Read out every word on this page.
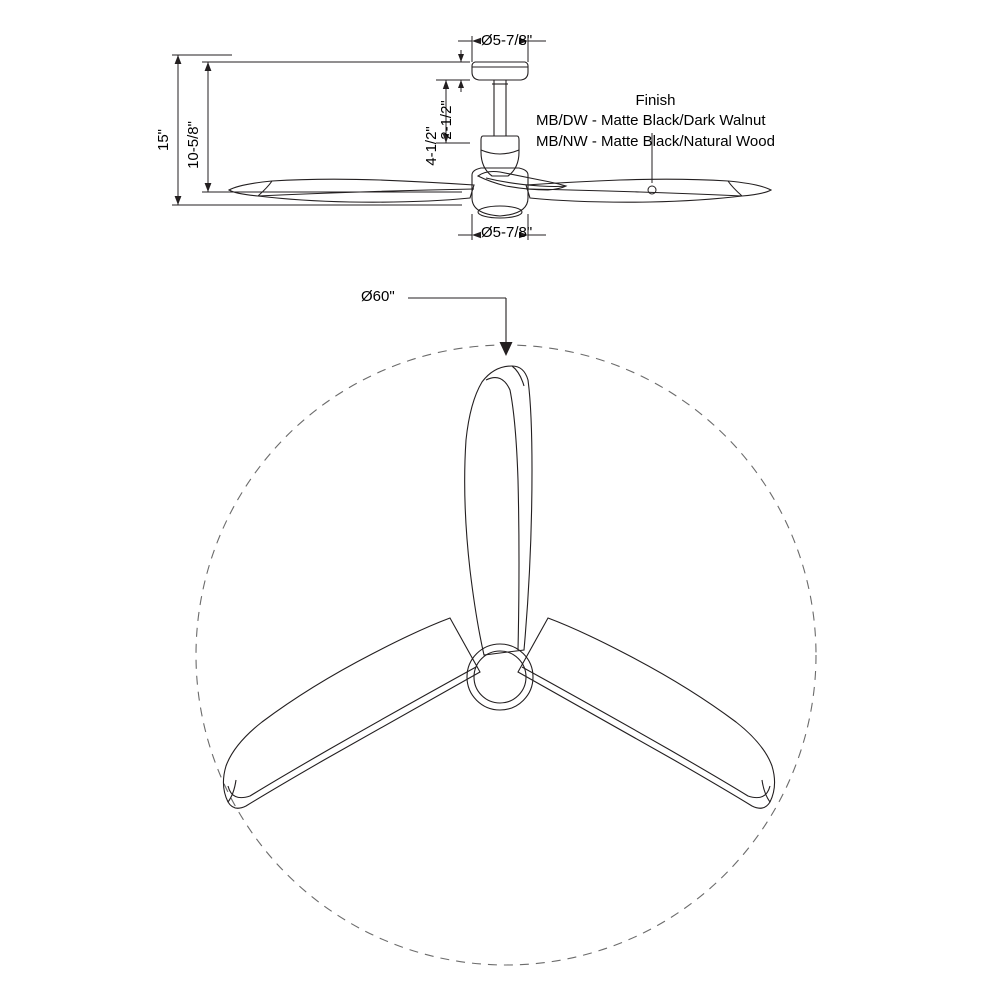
15" 10-5/8"
2-1/2"
4-1/2"
Ø5-7/8"
Ø5-7/8"
Ø60"
Finish
MB/DW - Matte Black/Dark Walnut
MB/NW - Matte Black/Natural Wood
